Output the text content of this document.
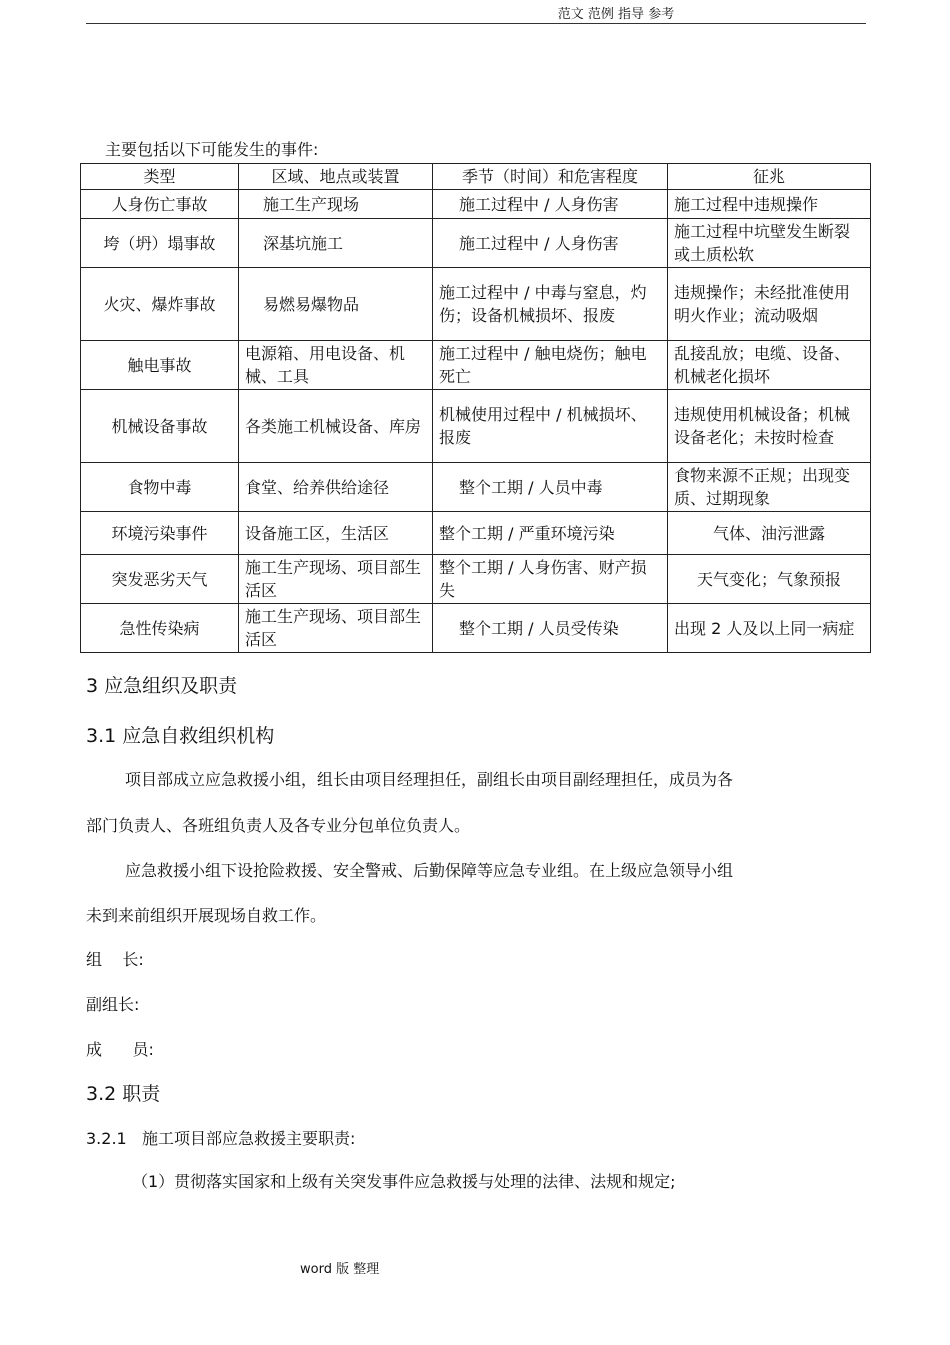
范文 范例 指导 参考
主要包括以下可能发生的事件:
类型	区域、地点或装置	季节（时间）和危害程度	征兆
人身伤亡事故	施工生产现场	施工过程中 / 人身伤害	施工过程中违规操作
垮（坍）塌事故	深基坑施工	施工过程中 / 人身伤害	施工过程中坑壁发生断裂或土质松软
火灾、爆炸事故	易燃易爆物品	施工过程中 / 中毒与窒息，灼伤；设备机械损坏、报废	违规操作；未经批准使用明火作业；流动吸烟
触电事故	电源箱、用电设备、机械、工具	施工过程中 / 触电烧伤；触电死亡	乱接乱放；电缆、设备、机械老化损坏
机械设备事故	各类施工机械设备、库房	机械使用过程中 / 机械损坏、报废	违规使用机械设备；机械设备老化；未按时检查
食物中毒	食堂、给养供给途径	整个工期 / 人员中毒	食物来源不正规；出现变质、过期现象
环境污染事件	设备施工区，生活区	整个工期 / 严重环境污染	气体、油污泄露
突发恶劣天气	施工生产现场、项目部生活区	整个工期 / 人身伤害、财产损失	天气变化；气象预报
急性传染病	施工生产现场、项目部生活区	整个工期 / 人员受传染	出现 2 人及以上同一病症
3 应急组织及职责
3.1 应急自救组织机构
项目部成立应急救援小组，组长由项目经理担任，副组长由项目副经理担任，成员为各
部门负责人、各班组负责人及各专业分包单位负责人。
应急救援小组下设抢险救援、安全警戒、后勤保障等应急专业组。在上级应急领导小组
未到来前组织开展现场自救工作。
组    长:
副组长:
成      员:
3.2 职责
3.2.1   施工项目部应急救援主要职责:
（1）贯彻落实国家和上级有关突发事件应急救援与处理的法律、法规和规定;
word 版 整理
